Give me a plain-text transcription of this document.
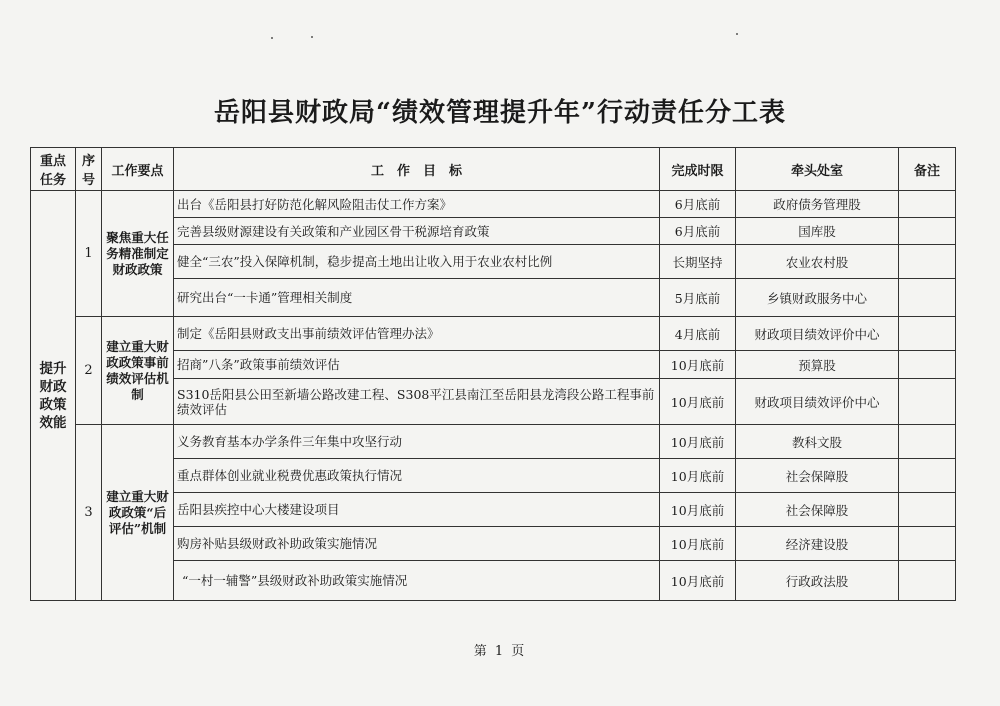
岳阳县财政局“绩效管理提升年”行动责任分工表
重点任务	序号	工作要点	工　作　目　标	完成时限	牵头处室	备注
提升财政政策效能	1	聚焦重大任务精准制定财政政策	出台《岳阳县打好防范化解风险阻击仗工作方案》	6月底前	政府债务管理股	
			完善县级财源建设有关政策和产业园区骨干税源培育政策	6月底前	国库股	
			健全“三农”投入保障机制，稳步提高土地出让收入用于农业农村比例	长期坚持	农业农村股	
			研究出台“一卡通”管理相关制度	5月底前	乡镇财政服务中心	
	2	建立重大财政政策事前绩效评估机制	制定《岳阳县财政支出事前绩效评估管理办法》	4月底前	财政项目绩效评价中心	
			招商”八条”政策事前绩效评估	10月底前	预算股	
			S310岳阳县公田至新墙公路改建工程、S308平江县南江至岳阳县龙湾段公路工程事前绩效评估	10月底前	财政项目绩效评价中心	
	3	建立重大财政政策“后评估”机制	义务教育基本办学条件三年集中攻坚行动	10月底前	教科文股	
			重点群体创业就业税费优惠政策执行情况	10月底前	社会保障股	
			岳阳县疾控中心大楼建设项目	10月底前	社会保障股	
			购房补贴县级财政补助政策实施情况	10月底前	经济建设股	
			“一村一辅警”县级财政补助政策实施情况	10月底前	行政政法股	
第 1 页
